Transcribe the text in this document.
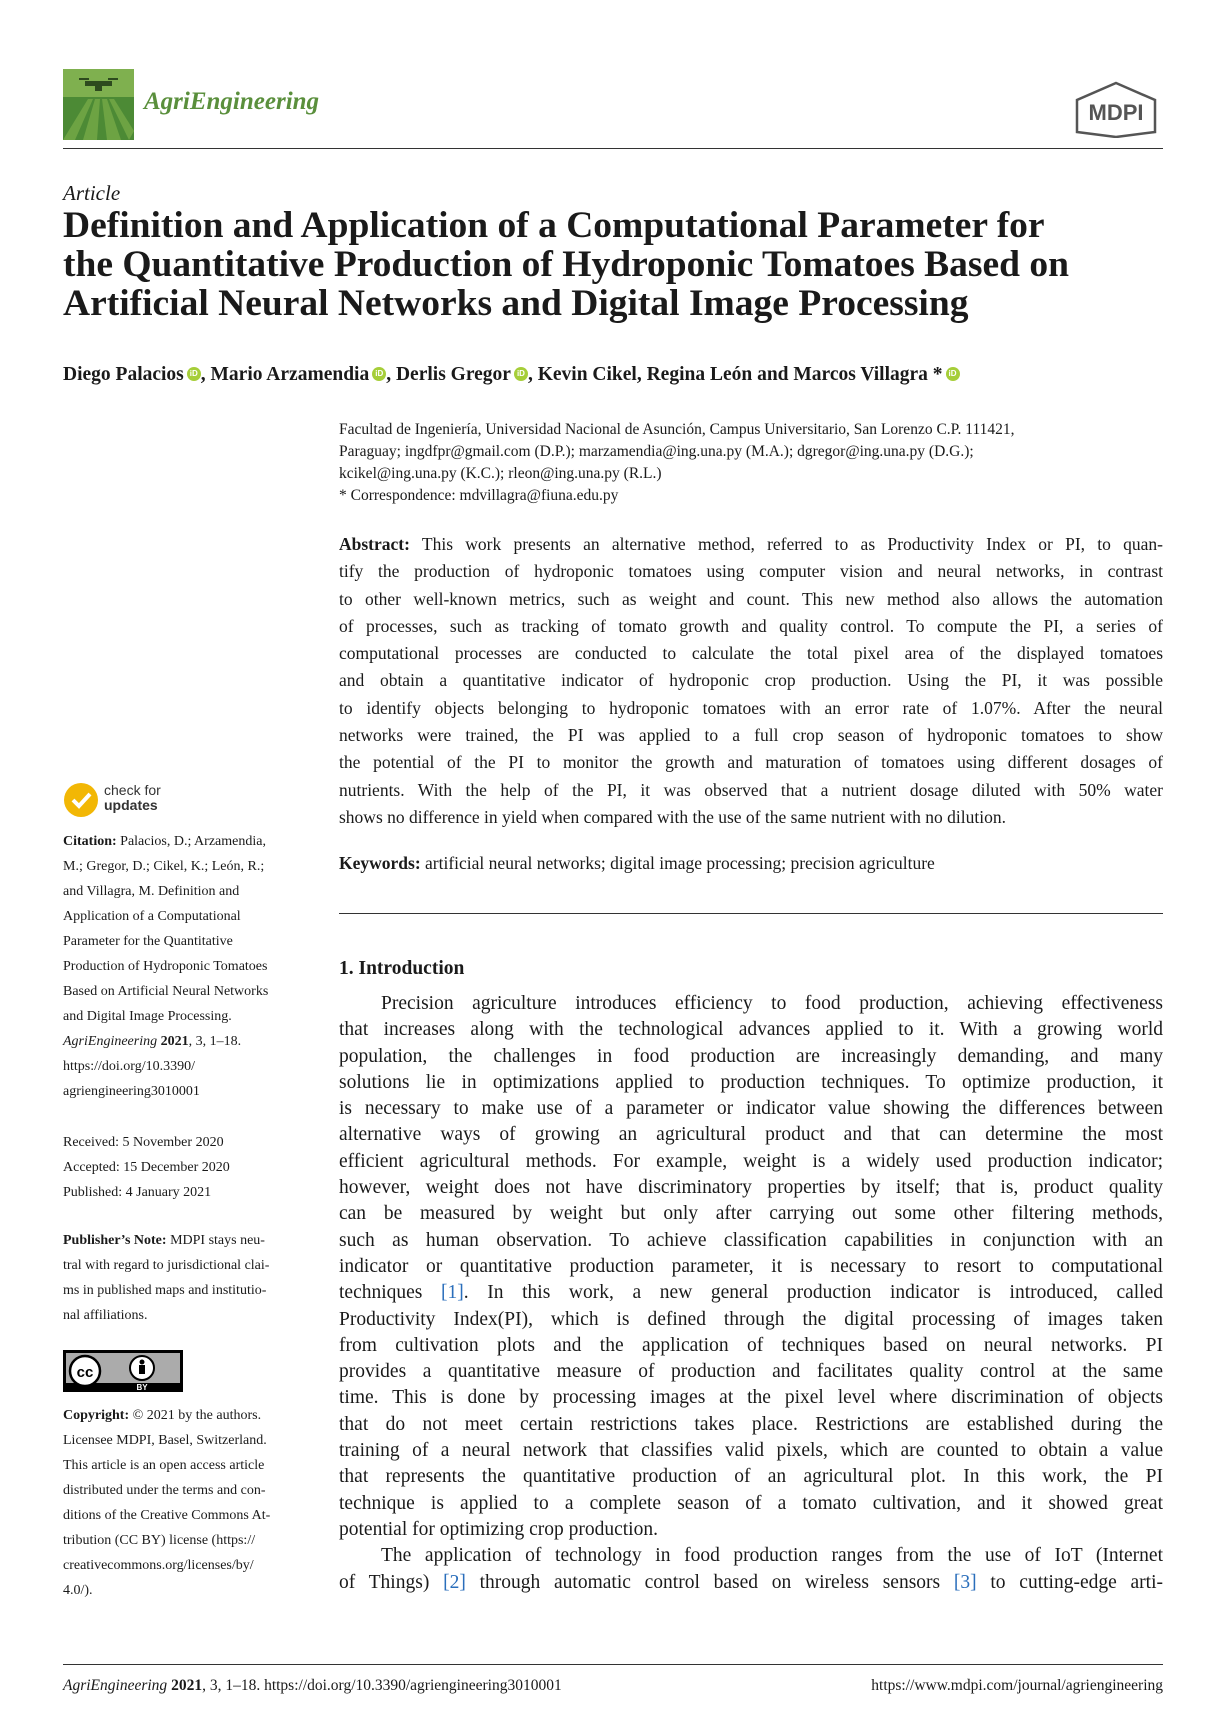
AgriEngineering	MDPI
Article
Definition and Application of a Computational Parameter for
the Quantitative Production of Hydroponic Tomatoes Based on
Artificial Neural Networks and Digital Image Processing
Diego Palacios iD , Mario Arzamendia iD , Derlis Gregor iD , Kevin Cikel, Regina León and Marcos Villagra * iD
Facultad de Ingeniería, Universidad Nacional de Asunción, Campus Universitario, San Lorenzo C.P. 111421,
Paraguay; ingdfpr@gmail.com (D.P.); marzamendia@ing.una.py (M.A.); dgregor@ing.una.py (D.G.);
kcikel@ing.una.py (K.C.); rleon@ing.una.py (R.L.)
* Correspondence: mdvillagra@fiuna.edu.py
Abstract: This work presents an alternative method, referred to as Productivity Index or PI, to quan-
tify the production of hydroponic tomatoes using computer vision and neural networks, in contrast
to other well-known metrics, such as weight and count. This new method also allows the automation
of processes, such as tracking of tomato growth and quality control. To compute the PI, a series of
computational processes are conducted to calculate the total pixel area of the displayed tomatoes
and obtain a quantitative indicator of hydroponic crop production. Using the PI, it was possible
to identify objects belonging to hydroponic tomatoes with an error rate of 1.07%. After the neural
networks were trained, the PI was applied to a full crop season of hydroponic tomatoes to show
the potential of the PI to monitor the growth and maturation of tomatoes using different dosages of
nutrients. With the help of the PI, it was observed that a nutrient dosage diluted with 50% water
shows no difference in yield when compared with the use of the same nutrient with no dilution.
Keywords: artificial neural networks; digital image processing; precision agriculture
1. Introduction
Precision agriculture introduces efficiency to food production, achieving effectiveness
that increases along with the technological advances applied to it. With a growing world
population, the challenges in food production are increasingly demanding, and many
solutions lie in optimizations applied to production techniques. To optimize production, it
is necessary to make use of a parameter or indicator value showing the differences between
alternative ways of growing an agricultural product and that can determine the most
efficient agricultural methods. For example, weight is a widely used production indicator;
however, weight does not have discriminatory properties by itself; that is, product quality
can be measured by weight but only after carrying out some other filtering methods,
such as human observation. To achieve classification capabilities in conjunction with an
indicator or quantitative production parameter, it is necessary to resort to computational
techniques [1]. In this work, a new general production indicator is introduced, called
Productivity Index(PI), which is defined through the digital processing of images taken
from cultivation plots and the application of techniques based on neural networks. PI
provides a quantitative measure of production and facilitates quality control at the same
time. This is done by processing images at the pixel level where discrimination of objects
that do not meet certain restrictions takes place. Restrictions are established during the
training of a neural network that classifies valid pixels, which are counted to obtain a value
that represents the quantitative production of an agricultural plot. In this work, the PI
technique is applied to a complete season of a tomato cultivation, and it showed great
potential for optimizing crop production.
The application of technology in food production ranges from the use of IoT (Internet
of Things) [2] through automatic control based on wireless sensors [3] to cutting-edge arti-
check for
updates
Citation: Palacios, D.; Arzamendia,
M.; Gregor, D.; Cikel, K.; León, R.;
and Villagra, M. Definition and
Application of a Computational
Parameter for the Quantitative
Production of Hydroponic Tomatoes
Based on Artificial Neural Networks
and Digital Image Processing.
AgriEngineering 2021, 3, 1–18.
https://doi.org/10.3390/
agriengineering3010001
Received: 5 November 2020
Accepted: 15 December 2020
Published: 4 January 2021
Publisher’s Note: MDPI stays neu-
tral with regard to jurisdictional clai-
ms in published maps and institutio-
nal affiliations.
cc
BY
Copyright: © 2021 by the authors.
Licensee MDPI, Basel, Switzerland.
This article is an open access article
distributed under the terms and con-
ditions of the Creative Commons At-
tribution (CC BY) license (https://
creativecommons.org/licenses/by/
4.0/).
AgriEngineering 2021, 3, 1–18. https://doi.org/10.3390/agriengineering3010001	https://www.mdpi.com/journal/agriengineering
